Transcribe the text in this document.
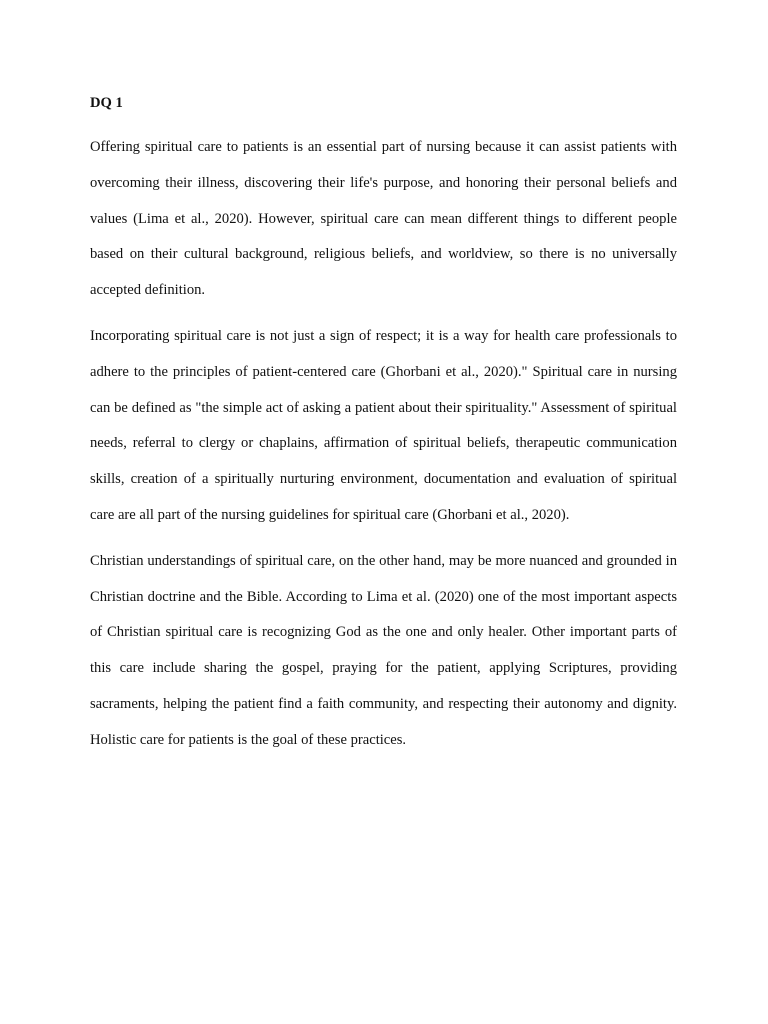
DQ 1

Offering spiritual care to patients is an essential part of nursing because it can assist patients with overcoming their illness, discovering their life's purpose, and honoring their personal beliefs and values (Lima et al., 2020). However, spiritual care can mean different things to different people based on their cultural background, religious beliefs, and worldview, so there is no universally accepted definition.

Incorporating spiritual care is not just a sign of respect; it is a way for health care professionals to adhere to the principles of patient-centered care (Ghorbani et al., 2020)." Spiritual care in nursing can be defined as "the simple act of asking a patient about their spirituality." Assessment of spiritual needs, referral to clergy or chaplains, affirmation of spiritual beliefs, therapeutic communication skills, creation of a spiritually nurturing environment, documentation and evaluation of spiritual care are all part of the nursing guidelines for spiritual care (Ghorbani et al., 2020).

Christian understandings of spiritual care, on the other hand, may be more nuanced and grounded in Christian doctrine and the Bible. According to Lima et al. (2020) one of the most important aspects of Christian spiritual care is recognizing God as the one and only healer. Other important parts of this care include sharing the gospel, praying for the patient, applying Scriptures, providing sacraments, helping the patient find a faith community, and respecting their autonomy and dignity. Holistic care for patients is the goal of these practices.
